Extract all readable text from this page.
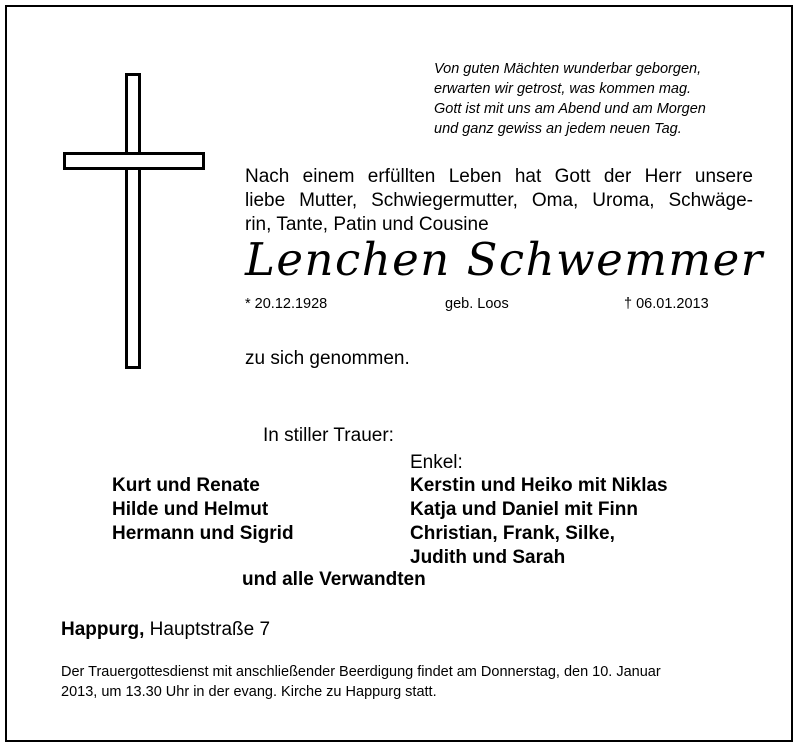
Von guten Mächten wunderbar geborgen,
erwarten wir getrost, was kommen mag.
Gott ist mit uns am Abend und am Morgen
und ganz gewiss an jedem neuen Tag.
Nach einem erfüllten Leben hat Gott der Herr unsere
liebe Mutter, Schwiegermutter, Oma, Uroma, Schwäge-
rin, Tante, Patin und Cousine
Lenchen Schwemmer
* 20.12.1928	geb. Loos	† 06.01.2013
zu sich genommen.
In stiller Trauer:
Enkel:
Kurt und Renate
Hilde und Helmut
Hermann und Sigrid
Kerstin und Heiko mit Niklas
Katja und Daniel mit Finn
Christian, Frank, Silke,
Judith und Sarah
und alle Verwandten
Happurg, Hauptstraße 7
Der Trauergottesdienst mit anschließender Beerdigung findet am Donnerstag, den 10. Januar
2013, um 13.30 Uhr in der evang. Kirche zu Happurg statt.
